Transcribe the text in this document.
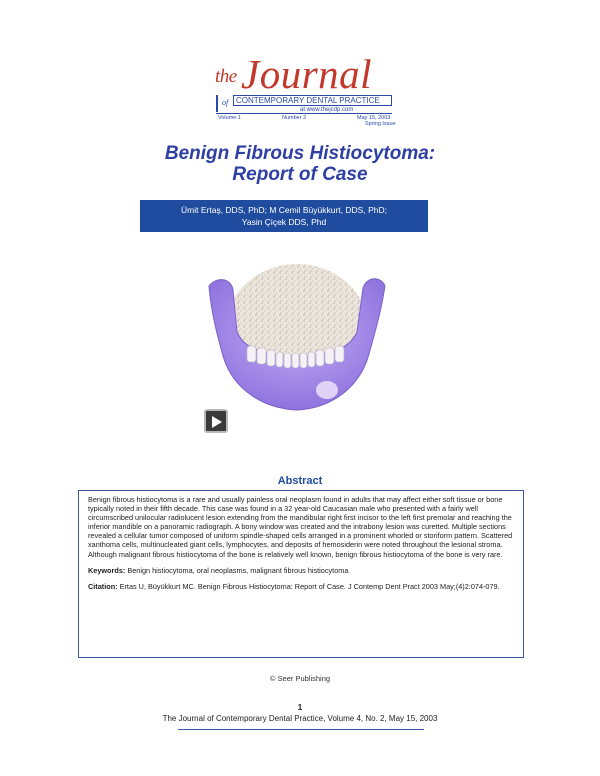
the Journal
of CONTEMPORARY DENTAL PRACTICE
at www.thejcdp.com
Volume 1	Number 2	May 15, 2003
Spring Issue
Benign Fibrous Histiocytoma:
Report of Case
Ümit Ertaş, DDS, PhD; M Cemil Büyükkurt, DDS, PhD;
Yasin Çiçek DDS, Phd
Abstract
Benign fibrous histiocytoma is a rare and usually painless oral neoplasm found in adults that may affect either soft tissue or bone typically noted in their fifth decade. This case was found in a 32 year-old Caucasian male who presented with a fairly well circumscribed unilocular radiolucent lesion extending from the mandibular right first incisor to the left first premolar and reaching the inferior mandible on a panoramic radiograph. A bony window was created and the intrabony lesion was curetted. Multiple sections revealed a cellular tumor composed of uniform spindle-shaped cells arranged in a prominent whorled or storiform pattern. Scattered xanthoma cells, multinucleated giant cells, lymphocytes, and deposits of hemosiderin were noted throughout the lesional stroma. Although malignant fibrous histiocytoma of the bone is relatively well known, benign fibrous histiocytoma of the bone is very rare.
Keywords: Benign histiocytoma, oral neoplasms, malignant fibrous histiocytoma
Citation: Ertas U, Büyükkurt MC. Benign Fibrous Histiocytoma: Report of Case. J Contemp Dent Pract 2003 May;(4)2:074-079.
© Seer Publishing
1
The Journal of Contemporary Dental Practice, Volume 4, No. 2, May 15, 2003
